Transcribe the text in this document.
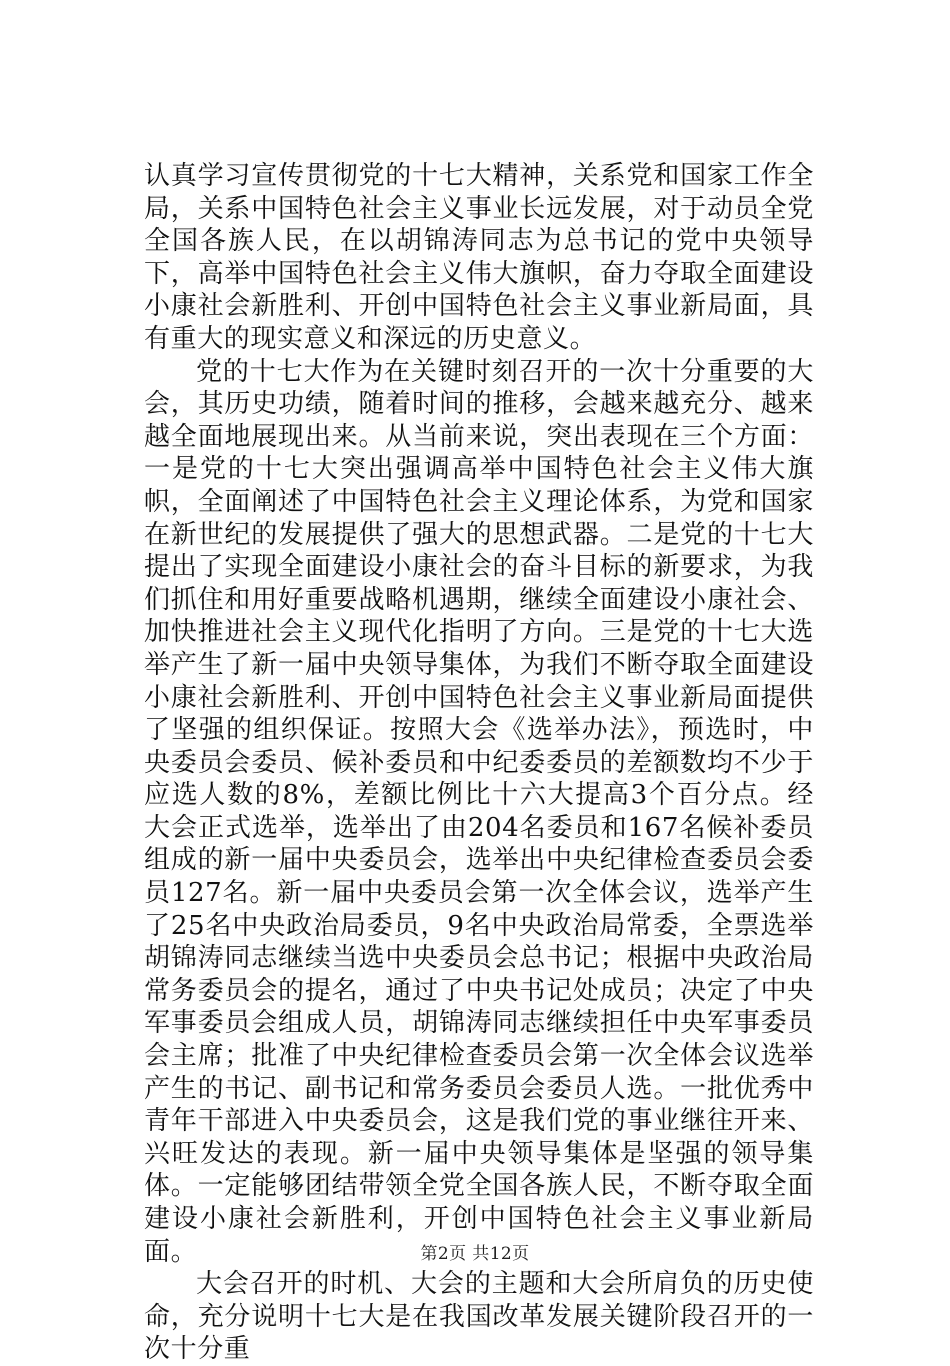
认真学习宣传贯彻党的十七大精神，关系党和国家工作全局，关系中国特色社会主义事业长远发展，对于动员全党全国各族人民，在以胡锦涛同志为总书记的党中央领导下，高举中国特色社会主义伟大旗帜，奋力夺取全面建设小康社会新胜利、开创中国特色社会主义事业新局面，具有重大的现实意义和深远的历史意义。

党的十七大作为在关键时刻召开的一次十分重要的大会，其历史功绩，随着时间的推移，会越来越充分、越来越全面地展现出来。从当前来说，突出表现在三个方面：一是党的十七大突出强调高举中国特色社会主义伟大旗帜，全面阐述了中国特色社会主义理论体系，为党和国家在新世纪的发展提供了强大的思想武器。二是党的十七大提出了实现全面建设小康社会的奋斗目标的新要求，为我们抓住和用好重要战略机遇期，继续全面建设小康社会、加快推进社会主义现代化指明了方向。三是党的十七大选举产生了新一届中央领导集体，为我们不断夺取全面建设小康社会新胜利、开创中国特色社会主义事业新局面提供了坚强的组织保证。按照大会《选举办法》，预选时，中央委员会委员、候补委员和中纪委委员的差额数均不少于应选人数的8%，差额比例比十六大提高3个百分点。经大会正式选举，选举出了由204名委员和167名候补委员组成的新一届中央委员会，选举出中央纪律检查委员会委员127名。新一届中央委员会第一次全体会议，选举产生了25名中央政治局委员，9名中央政治局常委，全票选举胡锦涛同志继续当选中央委员会总书记；根据中央政治局常务委员会的提名，通过了中央书记处成员；决定了中央军事委员会组成人员，胡锦涛同志继续担任中央军事委员会主席；批准了中央纪律检查委员会第一次全体会议选举产生的书记、副书记和常务委员会委员人选。一批优秀中青年干部进入中央委员会，这是我们党的事业继往开来、兴旺发达的表现。新一届中央领导集体是坚强的领导集体。一定能够团结带领全党全国各族人民，不断夺取全面建设小康社会新胜利，开创中国特色社会主义事业新局面。

大会召开的时机、大会的主题和大会所肩负的历史使命，充分说明十七大是在我国改革发展关键阶段召开的一次十分重

第2页 共12页
